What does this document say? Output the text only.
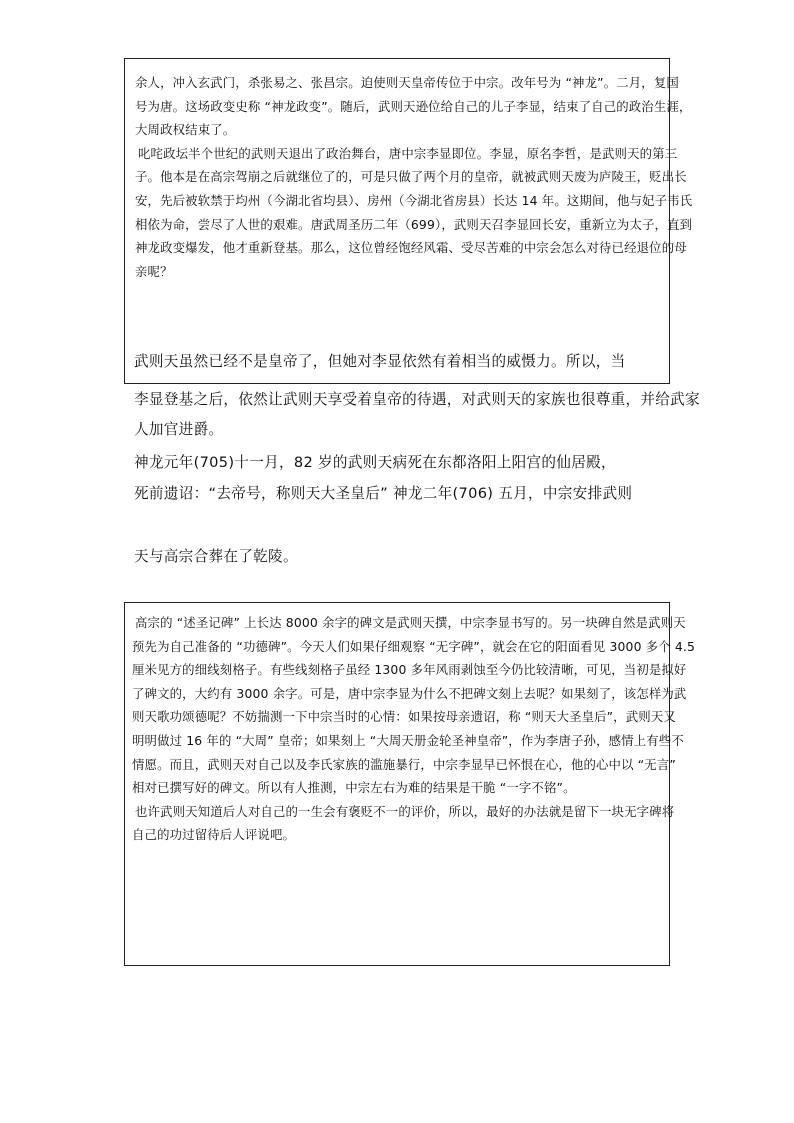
余人，冲入玄武门，杀张易之、张昌宗。迫使则天皇帝传位于中宗。改年号为 “神龙”。二月，复国

号为唐。这场政变史称 “神龙政变”。随后，武则天逊位给自己的儿子李显，结束了自己的政治生涯，

大周政权结束了。

叱咤政坛半个世纪的武则天退出了政治舞台，唐中宗李显即位。李显，原名李哲，是武则天的第三

子。他本是在高宗驾崩之后就继位了的，可是只做了两个月的皇帝，就被武则天废为庐陵王，贬出长

安，先后被软禁于均州（今湖北省均县）、房州（今湖北省房县）长达 14 年。这期间，他与妃子韦氏

相依为命，尝尽了人世的艰难。唐武周圣历二年（699），武则天召李显回长安，重新立为太子，直到

神龙政变爆发，他才重新登基。那么，这位曾经饱经风霜、受尽苦难的中宗会怎么对待已经退位的母

亲呢？

武则天虽然已经不是皇帝了，但她对李显依然有着相当的威慑力。所以，当

李显登基之后，依然让武则天享受着皇帝的待遇，对武则天的家族也很尊重，并给武家

人加官进爵。

神龙元年(705)十一月，82 岁的武则天病死在东都洛阳上阳宫的仙居殿，

死前遗诏：“去帝号，称则天大圣皇后” 神龙二年(706) 五月，中宗安排武则

天与高宗合葬在了乾陵。

高宗的 “述圣记碑” 上长达 8000 余字的碑文是武则天撰，中宗李显书写的。另一块碑自然是武则天

预先为自己准备的 “功德碑”。今天人们如果仔细观察 “无字碑”，就会在它的阳面看见 3000 多个 4.5

厘米见方的细线刻格子。有些线刻格子虽经 1300 多年风雨剥蚀至今仍比较清晰，可见，当初是拟好

了碑文的，大约有 3000 余字。可是，唐中宗李显为什么不把碑文刻上去呢？如果刻了，该怎样为武

则天歌功颂德呢？不妨揣测一下中宗当时的心情：如果按母亲遗诏，称 “则天大圣皇后”，武则天又

明明做过 16 年的 “大周” 皇帝；如果刻上 “大周天册金轮圣神皇帝”，作为李唐子孙，感情上有些不

情愿。而且，武则天对自己以及李氏家族的滥施暴行，中宗李显早已怀恨在心，他的心中以 “无言”

相对已撰写好的碑文。所以有人推测，中宗左右为难的结果是干脆 “一字不铭”。

也许武则天知道后人对自己的一生会有褒贬不一的评价，所以，最好的办法就是留下一块无字碑将

自己的功过留待后人评说吧。
